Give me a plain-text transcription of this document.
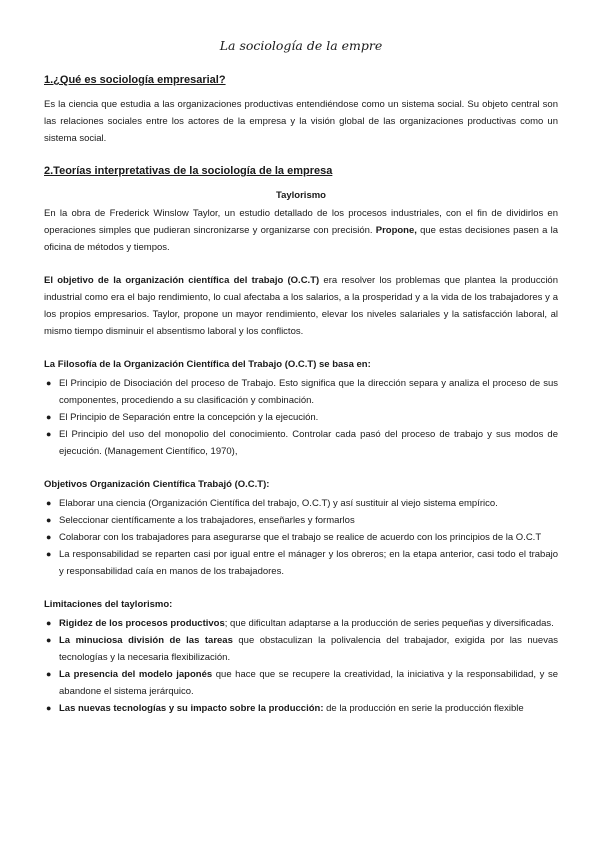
La sociología de la empre
1.¿Qué es sociología empresarial?

Es la ciencia que estudia a las organizaciones productivas entendiéndose como un sistema social. Su objeto central son las relaciones sociales entre los actores de la empresa y la visión global de las organizaciones productivas como un sistema social.

2.Teorías interpretativas de la sociología de la empresa
Taylorismo

En la obra de Frederick Winslow Taylor, un estudio detallado de los procesos industriales, con el fin de dividirlos en operaciones simples que pudieran sincronizarse y organizarse con precisión. Propone, que estas decisiones pasen a la oficina de métodos y tiempos.

El objetivo de la organización científica del trabajo (O.C.T) era resolver los problemas que plantea la producción industrial como era el bajo rendimiento, lo cual afectaba a los salarios, a la prosperidad y a la vida de los trabajadores y a los propios empresarios. Taylor, propone un mayor rendimiento, elevar los niveles salariales y la satisfacción laboral, al mismo tiempo disminuir el absentismo laboral y los conflictos.

La Filosofía de la Organización Científica del Trabajo (O.C.T) se basa en:
● El Principio de Disociación del proceso de Trabajo. Esto significa que la dirección separa y analiza el proceso de sus componentes, procediendo a su clasificación y combinación.
● El Principio de Separación entre la concepción y la ejecución.
● El Principio del uso del monopolio del conocimiento. Controlar cada pasó del proceso de trabajo y sus modos de ejecución. (Management Científico, 1970),
Objetivos Organización Científica Trabajó (O.C.T):
● Elaborar una ciencia (Organización Científica del trabajo, O.C.T) y así sustituir al viejo sistema empírico.
● Seleccionar científicamente a los trabajadores, enseñarles y formarlos
● Colaborar con los trabajadores para asegurarse que el trabajo se realice de acuerdo con los principios de la O.C.T
● La responsabilidad se reparten casi por igual entre el mánager y los obreros; en la etapa anterior, casi todo el trabajo y responsabilidad caía en manos de los trabajadores.
Limitaciones del taylorismo:
● Rigidez de los procesos productivos; que dificultan adaptarse a la producción de series pequeñas y diversificadas.
● La minuciosa división de las tareas que obstaculizan la polivalencia del trabajador, exigida por las nuevas tecnologías y la necesaria flexibilización.
● La presencia del modelo japonés que hace que se recupere la creatividad, la iniciativa y la responsabilidad, y se abandone el sistema jerárquico.
● Las nuevas tecnologías y su impacto sobre la producción: de la producción en serie la producción flexible
